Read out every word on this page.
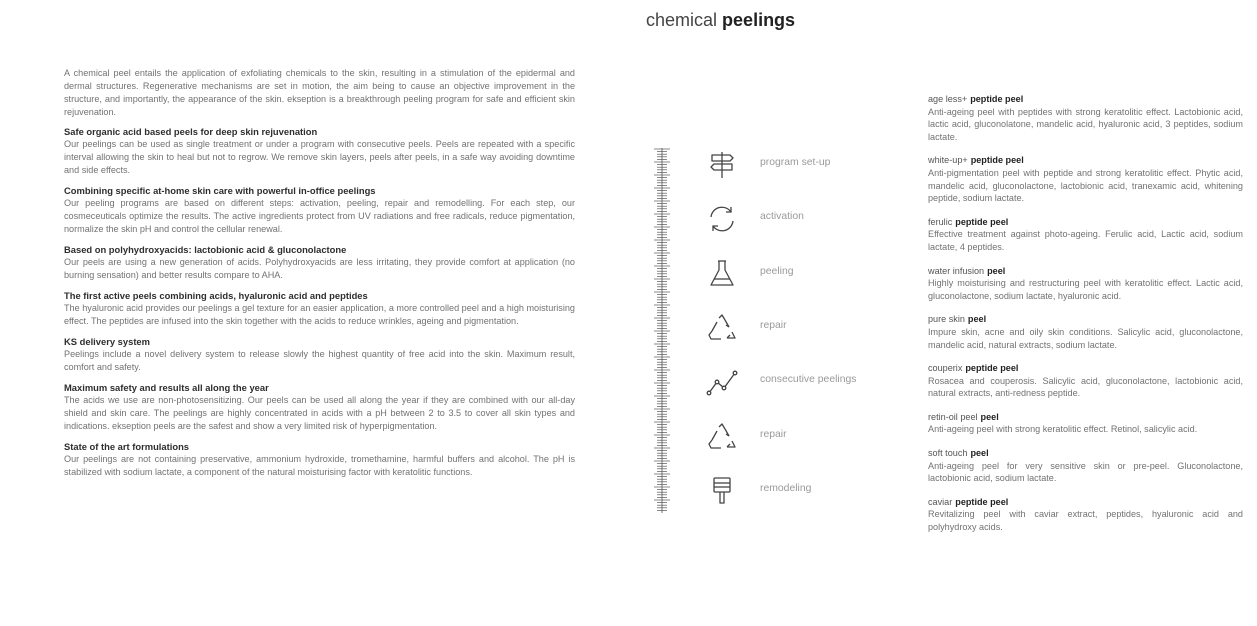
chemical peelings

A chemical peel entails the application of exfoliating chemicals to the skin, resulting in a stimulation of the epidermal and dermal structures. Regenerative mechanisms are set in motion, the aim being to cause an objective improvement in the structure, and importantly, the appearance of the skin. ekseption is a breakthrough peeling program for safe and efficient skin rejuvenation.

Safe organic acid based peels for deep skin rejuvenation

Our peelings can be used as single treatment or under a program with consecutive peels. Peels are repeated with a specific interval allowing the skin to heal but not to regrow. We remove skin layers, peels after peels, in a safe way avoiding downtime and side effects.

Combining specific at-home skin care with powerful in-office peelings

Our peeling programs are based on different steps: activation, peeling, repair and remodelling. For each step, our cosmeceuticals optimize the results. The active ingredients protect from UV radiations and free radicals, reduce pigmentation, normalize the skin pH and control the cellular renewal.

Based on polyhydroxyacids: lactobionic acid & gluconolactone

Our peels are using a new generation of acids. Polyhydroxyacids are less irritating, they provide comfort at application (no burning sensation) and better results compare to AHA.

The first active peels combining acids, hyaluronic acid and peptides

The hyaluronic acid provides our peelings a gel texture for an easier application, a more controlled peel and a high moisturising effect. The peptides are infused into the skin together with the acids to reduce wrinkles, ageing and pigmentation.

KS delivery system

Peelings include a novel delivery system to release slowly the highest quantity of free acid into the skin. Maximum result, comfort and safety.

Maximum safety and results all along the year

The acids we use are non-photosensitizing. Our peels can be used all along the year if they are combined with our all-day shield and skin care. The peelings are highly concentrated in acids with a pH between 2 to 3.5 to cover all skin types and indications. ekseption peels are the safest and show a very limited risk of hyperpigmentation.

State of the art formulations

Our peelings are not containing preservative, ammonium hydroxide, tromethamine, harmful buffers and alcohol. The pH is stabilized with sodium lactate, a component of the natural moisturising factor with keratolitic functions.

program set-up
activation
peeling
repair
consecutive peelings
repair
remodeling
age less+ peptide peel

Anti-ageing peel with peptides with strong keratolitic effect. Lactobionic acid, lactic acid, gluconolatone, mandelic acid, hyaluronic acid, 3 peptides, sodium lactate.

white-up+ peptide peel

Anti-pigmentation peel with peptide and strong keratolitic effect. Phytic acid, mandelic acid, gluconolactone, lactobionic acid, tranexamic acid, whitening peptide, sodium lactate.

ferulic peptide peel

Effective treatment against photo-ageing. Ferulic acid, Lactic acid, sodium lactate, 4 peptides.

water infusion peel

Highly moisturising and restructuring peel with keratolitic effect. Lactic acid, gluconolactone, sodium lactate, hyaluronic acid.

pure skin peel

Impure skin, acne and oily skin conditions. Salicylic acid, gluconolactone, mandelic acid, natural extracts, sodium lactate.

couperix peptide peel

Rosacea and couperosis. Salicylic acid, gluconolactone, lactobionic acid, natural extracts, anti-redness peptide.

retin-oil peel peel

Anti-ageing peel with strong keratolitic effect. Retinol, salicylic acid.

soft touch peel

Anti-ageing peel for very sensitive skin or pre-peel. Gluconolactone, lactobionic acid, sodium lactate.

caviar peptide peel

Revitalizing peel with caviar extract, peptides, hyaluronic acid and polyhydroxy acids.
